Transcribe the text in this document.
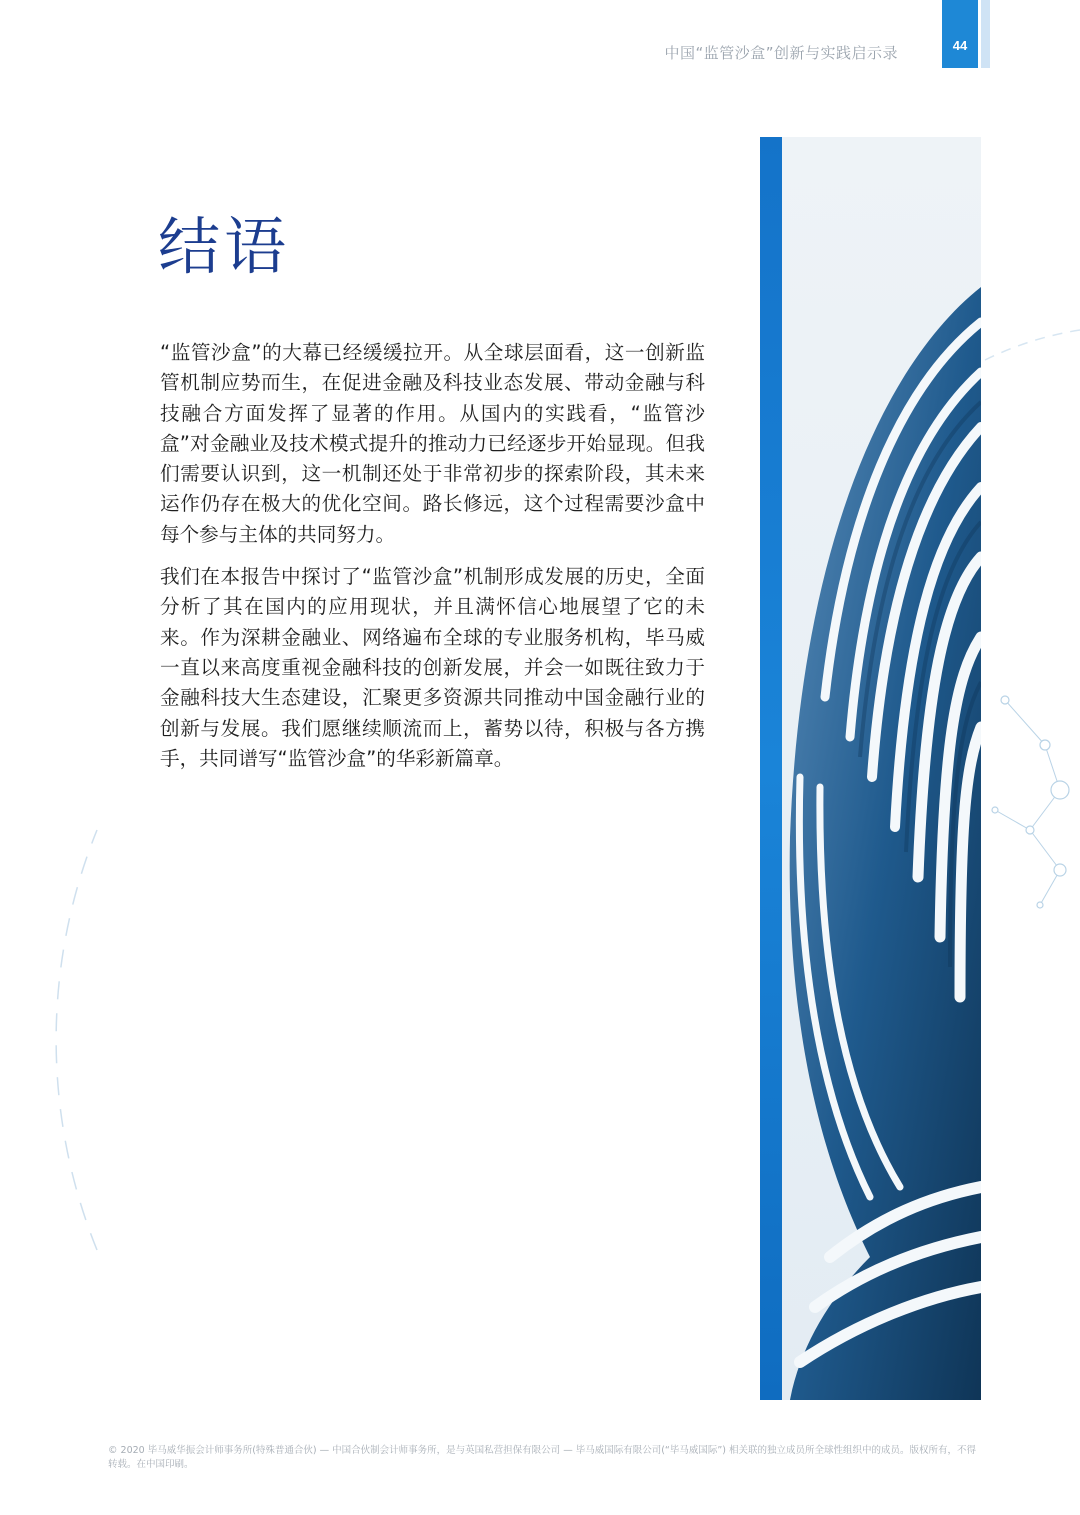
中国“监管沙盒”创新与实践启示录	44
结语

“监管沙盒”的大幕已经缓缓拉开。从全球层面看，这一创新监管机制应势而生，在促进金融及科技业态发展、带动金融与科技融合方面发挥了显著的作用。从国内的实践看，“监管沙盒”对金融业及技术模式提升的推动力已经逐步开始显现。但我们需要认识到，这一机制还处于非常初步的探索阶段，其未来运作仍存在极大的优化空间。路长修远，这个过程需要沙盒中每个参与主体的共同努力。

我们在本报告中探讨了“监管沙盒”机制形成发展的历史，全面分析了其在国内的应用现状，并且满怀信心地展望了它的未来。作为深耕金融业、网络遍布全球的专业服务机构，毕马威一直以来高度重视金融科技的创新发展，并会一如既往致力于金融科技大生态建设，汇聚更多资源共同推动中国金融行业的创新与发展。我们愿继续顺流而上，蓄势以待，积极与各方携手，共同谱写“监管沙盒”的华彩新篇章。

© 2020 毕马威华振会计师事务所(特殊普通合伙) — 中国合伙制会计师事务所，是与英国私营担保有限公司 — 毕马威国际有限公司(“毕马威国际”) 相关联的独立成员所全球性组织中的成员。版权所有，不得转载。在中国印刷。
